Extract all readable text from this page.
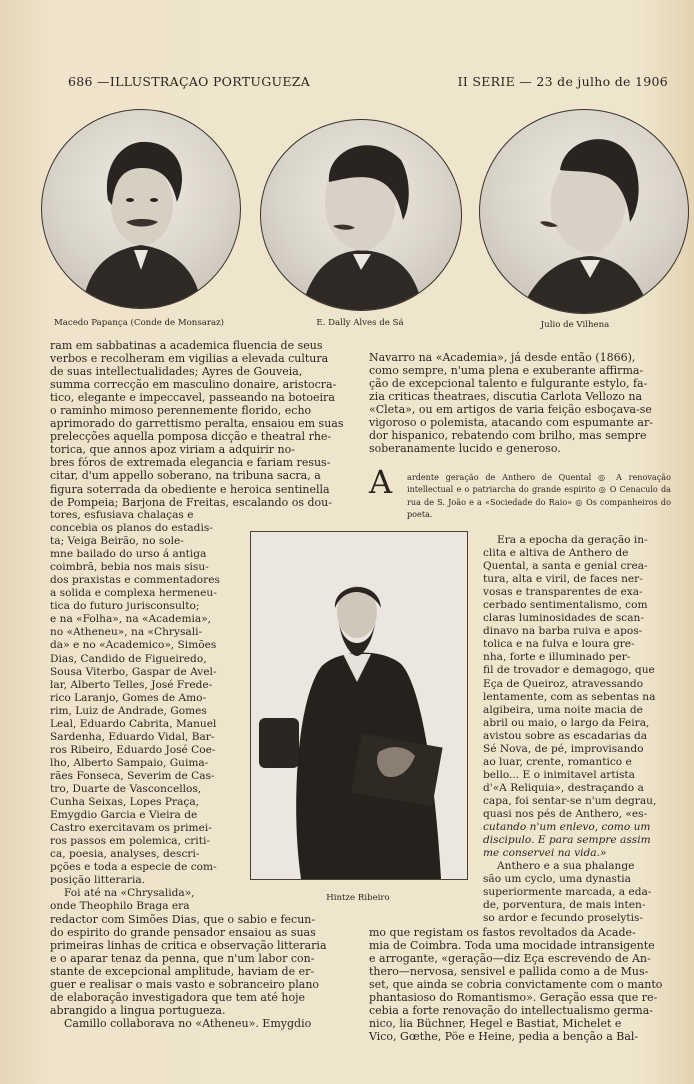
686 —ILLUSTRAÇAO PORTUGUEZA	II SERIE — 23 de julho de 1906
Macedo Papança (Conde de Monsaraz)	E. Dally Alves de Sá	Julio de Vilhena

ram em sabbatinas a academica fluencia de seus

verbos e recolheram em vigilias a elevada cultura

de suas intellectualidades; Ayres de Gouveia,

summa correcção em masculino donaire, aristocra-

tico, elegante e impeccavel, passeando na botoeira

o raminho mimoso perennemente florido, echo

aprimorado do garrettismo peralta, ensaiou em suas

prelecções aquella pomposa dicção e theatral rhe-

torica, que annos apoz viriam a adquirir no-

bres fóros de extremada elegancia e fariam resus-

citar, d'um appello soberano, na tribuna sacra, a

figura soterrada da obediente e heroica sentinella

de Pompeia; Barjona de Freitas, escalando os dou-

tores, esfusiava chalaças e

concebia os planos do estadis-

ta; Veiga Beirão, no sole-

mne bailado do urso á antiga

coimbrã, bebia nos mais sisu-

dos praxistas e commentadores

a solida e complexa hermeneu-

tica do futuro jurisconsulto;

e na «Folha», na «Academia»,

no «Atheneu», na «Chrysali-

da» e no «Academico», Simões

Dias, Candido de Figueiredo,

Sousa Viterbo, Gaspar de Avel-

lar, Alberto Telles, José Frede-

rico Laranjo, Gomes de Amo-

rim, Luiz de Andrade, Gomes

Leal, Eduardo Cabrita, Manuel

Sardenha, Eduardo Vidal, Bar-

ros Ribeiro, Eduardo José Coe-

lho, Alberto Sampaio, Guima-

rães Fonseca, Severim de Cas-

tro, Duarte de Vasconcellos,

Cunha Seixas, Lopes Praça,

Emygdio Garcia e Vieira de

Castro exercitavam os primei-

ros passos em polemica, criti-

ca, poesia, analyses, descri-

pções e toda a especie de com-

posição litteraria.

Foi até na «Chrysalida»,

onde Theophilo Braga era

redactor com Simões Dias, que o sabio e fecun-

do espirito do grande pensador ensaiou as suas

primeiras linhas de critica e observação litteraria

e o aparar tenaz da penna, que n'um labor con-

stante de excepcional amplitude, haviam de er-

guer e realisar o mais vasto e sobranceiro plano

de elaboração investigadora que tem até hoje

abrangido a lingua portugueza.

Camillo collaborava no «Atheneu». Emygdio

Hintze Ribeiro

Navarro na «Academia», já desde então (1866),

como sempre, n'uma plena e exuberante affirma-

ção de excepcional talento e fulgurante estylo, fa-

zia criticas theatraes, discutia Carlota Vellozo na

«Cleta», ou em artigos de varia feição esboçava-se

vigoroso o polemista, atacando com espumante ar-

dor hispanico, rebatendo com brilho, mas sempre

soberanamente lucido e generoso.

A ardente geração de Anthero de Quental ◎ A renovação intellectual e o patriarcha do grande espirito ◎ O Cenaculo da rua de S. João e a «Sociedade do Raio» ◎ Os companheiros do poeta.

Era a epocha da geração in-

clita e altiva de Anthero de

Quental, a santa e genial crea-

tura, alta e viril, de faces ner-

vosas e transparentes de exa-

cerbado sentimentalismo, com

claras luminosidades de scan-

dinavo na barba ruiva e apos-

tolica e na fulva e loura gre-

nha, forte e illuminado per-

fil de trovador e demagogo, que

Eça de Queiroz, atravessando

lentamente, com as sebentas na

algibeira, uma noite macia de

abril ou maio, o largo da Feira,

avistou sobre as escadarias da

Sé Nova, de pé, improvisando

ao luar, crente, romantico e

bello... E o inimitavel artista

d'«A Reliquia», destraçando a

capa, foi sentar-se n'um degrau,

quasi nos pés de Anthero, «es-

cutando n'um enlevo, como um

discipulo. E para sempre assim

me conservei na vida.»

Anthero e a sua phalange

são um cyclo, uma dynastia

superiormente marcada, a eda-

de, porventura, de mais inten-

so ardor e fecundo proselytis-

mo que registam os fastos revoltados da Acade-

mia de Coimbra. Toda uma mocidade intransigente

e arrogante, «geração—diz Eça escrevendo de An-

thero—nervosa, sensivel e pallida como a de Mus-

set, que ainda se cobria convictamente com o manto

phantasioso do Romantismo». Geração essa que re-

cebia a forte renovação do intellectualismo germa-

nico, lia Büchner, Hegel e Bastiat, Michelet e

Vico, Gœthe, Pöe e Heine, pedia a benção a Bal-
